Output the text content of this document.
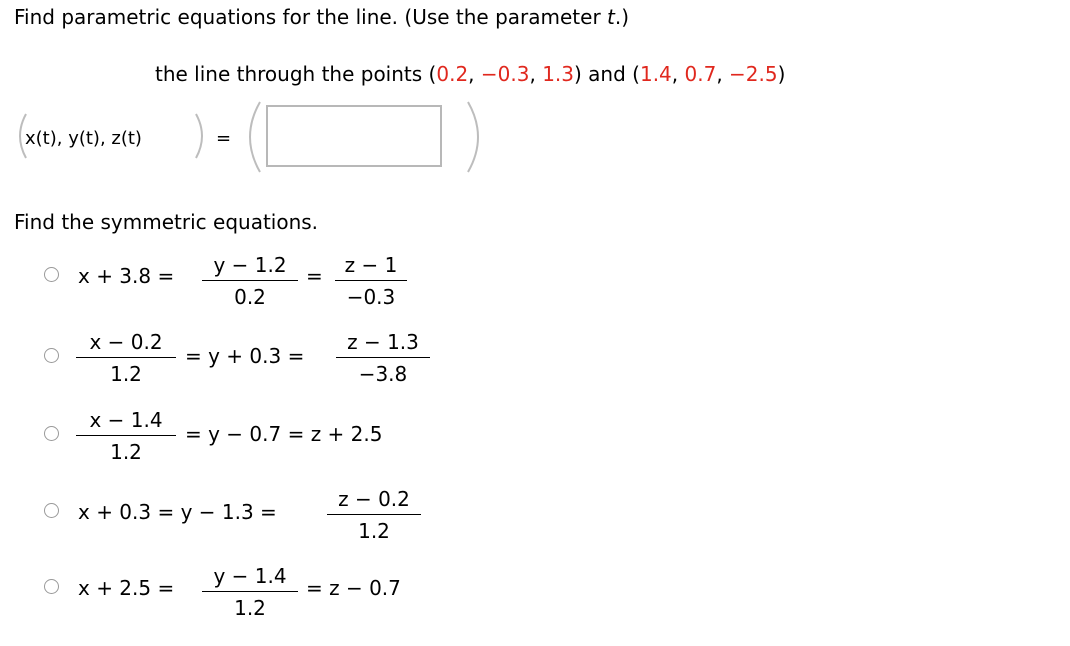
Find parametric equations for the line. (Use the parameter t.)
the line through the points (0.2, −0.3, 1.3) and (1.4, 0.7, −2.5)
x(t), y(t), z(t)	=
Find the symmetric equations.
x + 3.8 =	y − 1.2
0.2
=	z − 1
−0.3
x − 0.2
1.2
= y + 0.3 =
z − 1.3
−3.8
x − 1.4
1.2
= y − 0.7 = z + 2.5
x + 0.3 = y − 1.3 =
z − 0.2
1.2
x + 2.5 =	y − 1.4
1.2
= z − 0.7
